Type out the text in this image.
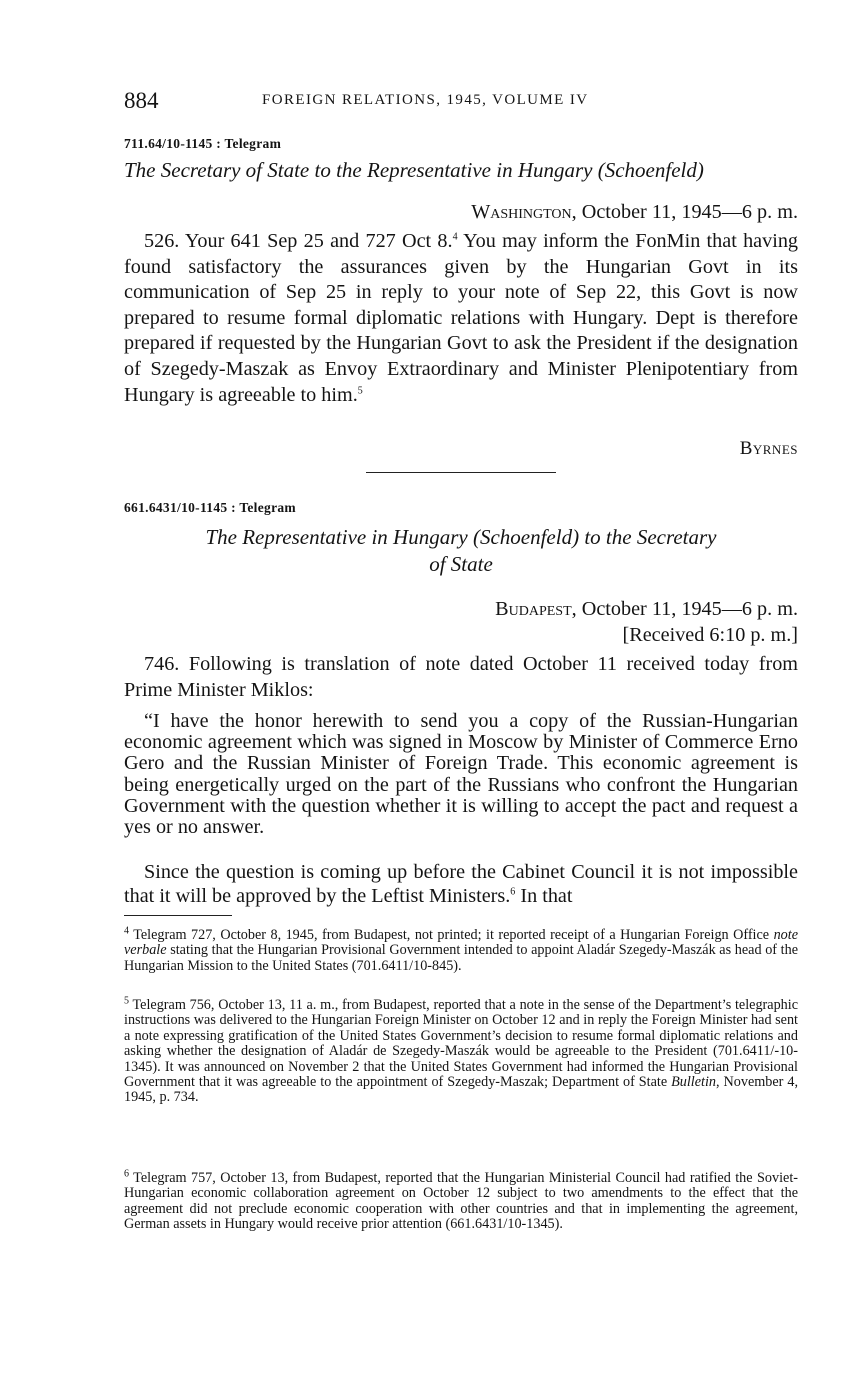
884	FOREIGN RELATIONS, 1945, VOLUME IV
711.64/10-1145 : Telegram
The Secretary of State to the Representative in Hungary (Schoenfeld)
Washington, October 11, 1945—6 p. m.

526. Your 641 Sep 25 and 727 Oct 8.$^4$ You may inform the FonMin that having found satisfactory the assurances given by the Hungarian Govt in its communication of Sep 25 in reply to your note of Sep 22, this Govt is now prepared to resume formal diplomatic relations with Hungary. Dept is therefore prepared if requested by the Hungarian Govt to ask the President if the designation of Szegedy-Maszak as Envoy Extraordinary and Minister Plenipotentiary from Hungary is agreeable to him.$^5$

Byrnes
661.6431/10-1145 : Telegram
The Representative in Hungary (Schoenfeld) to the Secretary
of State
Budapest, October 11, 1945—6 p. m.
[Received 6:10 p. m.]

746. Following is translation of note dated October 11 received today from Prime Minister Miklos:

“I have the honor herewith to send you a copy of the Russian-Hungarian economic agreement which was signed in Moscow by Minister of Commerce Erno Gero and the Russian Minister of Foreign Trade. This economic agreement is being energetically urged on the part of the Russians who confront the Hungarian Government with the question whether it is willing to accept the pact and request a yes or no answer.

Since the question is coming up before the Cabinet Council it is not impossible that it will be approved by the Leftist Ministers.$^6$ In that

$^4$ Telegram 727, October 8, 1945, from Budapest, not printed; it reported receipt of a Hungarian Foreign Office note verbale stating that the Hungarian Provisional Government intended to appoint Aladár Szegedy-Maszák as head of the Hungarian Mission to the United States (701.6411/10-845).

$^5$ Telegram 756, October 13, 11 a. m., from Budapest, reported that a note in the sense of the Department’s telegraphic instructions was delivered to the Hungarian Foreign Minister on October 12 and in reply the Foreign Minister had sent a note expressing gratification of the United States Government’s decision to resume formal diplomatic relations and asking whether the designation of Aladár de Szegedy-Maszák would be agreeable to the President (701.6411/-10-1345). It was announced on November 2 that the United States Government had informed the Hungarian Provisional Government that it was agreeable to the appointment of Szegedy-Maszak; Department of State Bulletin, November 4, 1945, p. 734.

$^6$ Telegram 757, October 13, from Budapest, reported that the Hungarian Ministerial Council had ratified the Soviet-Hungarian economic collaboration agreement on October 12 subject to two amendments to the effect that the agreement did not preclude economic cooperation with other countries and that in implementing the agreement, German assets in Hungary would receive prior attention (661.6431/10-1345).
